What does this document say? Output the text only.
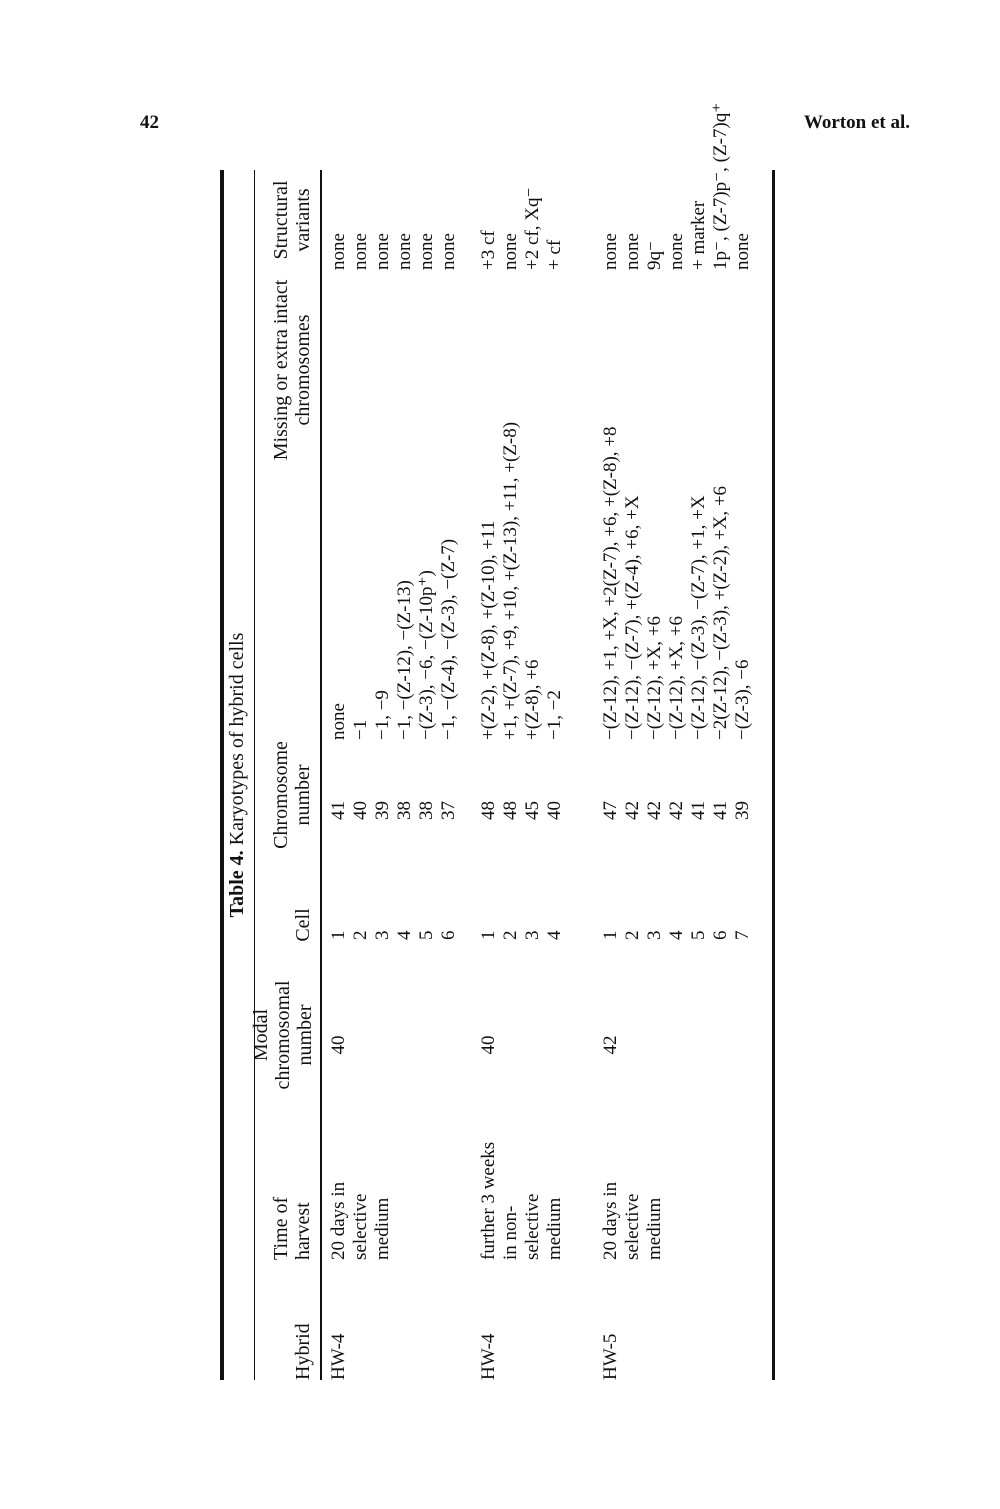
42	Worton et al.
Table 4. Karyotypes of hybrid cells
Hybrid
Time of harvest
Modal chromosomal number
Cell
Chromosome number
Missing or extra intact chromosomes
Structural variants
HW-4
20 days in selective medium
40
1 2 3 4 5 6
41 40 39 38 38 37
none −1 −1, −9 −1, −(Z-12), −(Z-13) −(Z-3), −6, −(Z-10p⁺) −1, −(Z-4), −(Z-3), −(Z-7)
none none none none none none
HW-4
further 3 weeks in non-selective medium
40
1 2 3 4
48 48 45 40
+(Z-2), +(Z-8), +(Z-10), +11 +1, +(Z-7), +9, +10, +(Z-13), +11, +(Z-8) +(Z-8), +6 −1, −2
+3 cf none +2 cf, Xq⁻ + cf
HW-5
20 days in selective medium
42
1 2 3 4 5 6 7
47 42 42 42 41 41 39
−(Z-12), +1, +X, +2(Z-7), +6, +(Z-8), +8 −(Z-12), −(Z-7), +(Z-4), +6, +X −(Z-12), +X, +6 −(Z-12), +X, +6 −(Z-12), −(Z-3), −(Z-7), +1, +X −2(Z-12), −(Z-3), +(Z-2), +X, +6 −(Z-3), −6
none none 9q⁻ none + marker 1p⁻, (Z-7)p⁻, (Z-7)q⁺ none
